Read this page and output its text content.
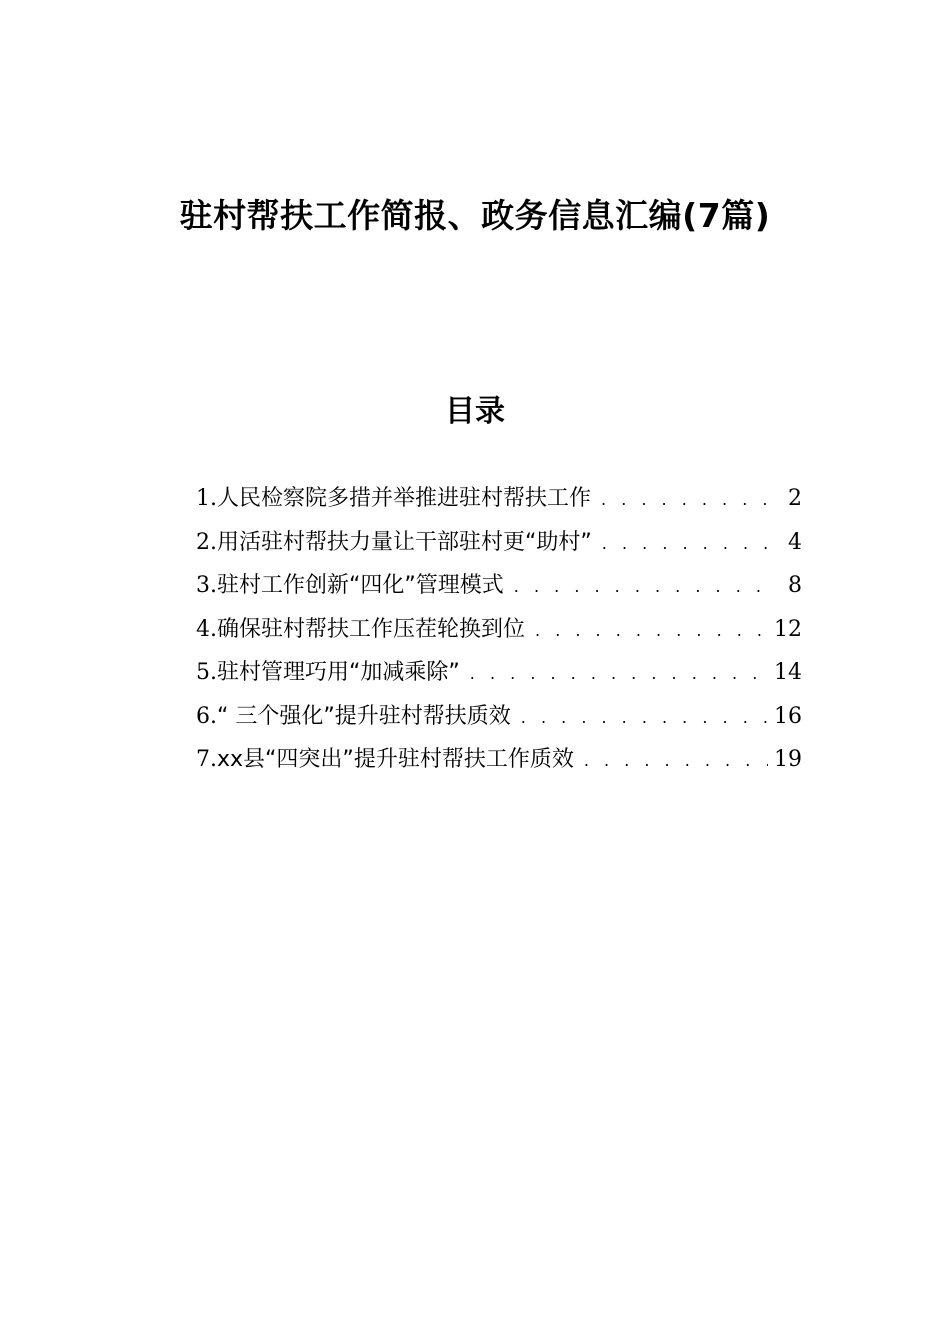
驻村帮扶工作简报、政务信息汇编(7篇)
目录
1.人民检察院多措并举推进驻村帮扶工作 . . .	2
2.用活驻村帮扶力量让干部驻村更“助村” . . .	4
3.驻村工作创新“四化”管理模式 . . .	8
4.确保驻村帮扶工作压茬轮换到位 . . .	12
5.驻村管理巧用“加减乘除” . . .	14
6.“ 三个强化”提升驻村帮扶质效 . . .	16
7.xx县“四突出”提升驻村帮扶工作质效 . . .	19
